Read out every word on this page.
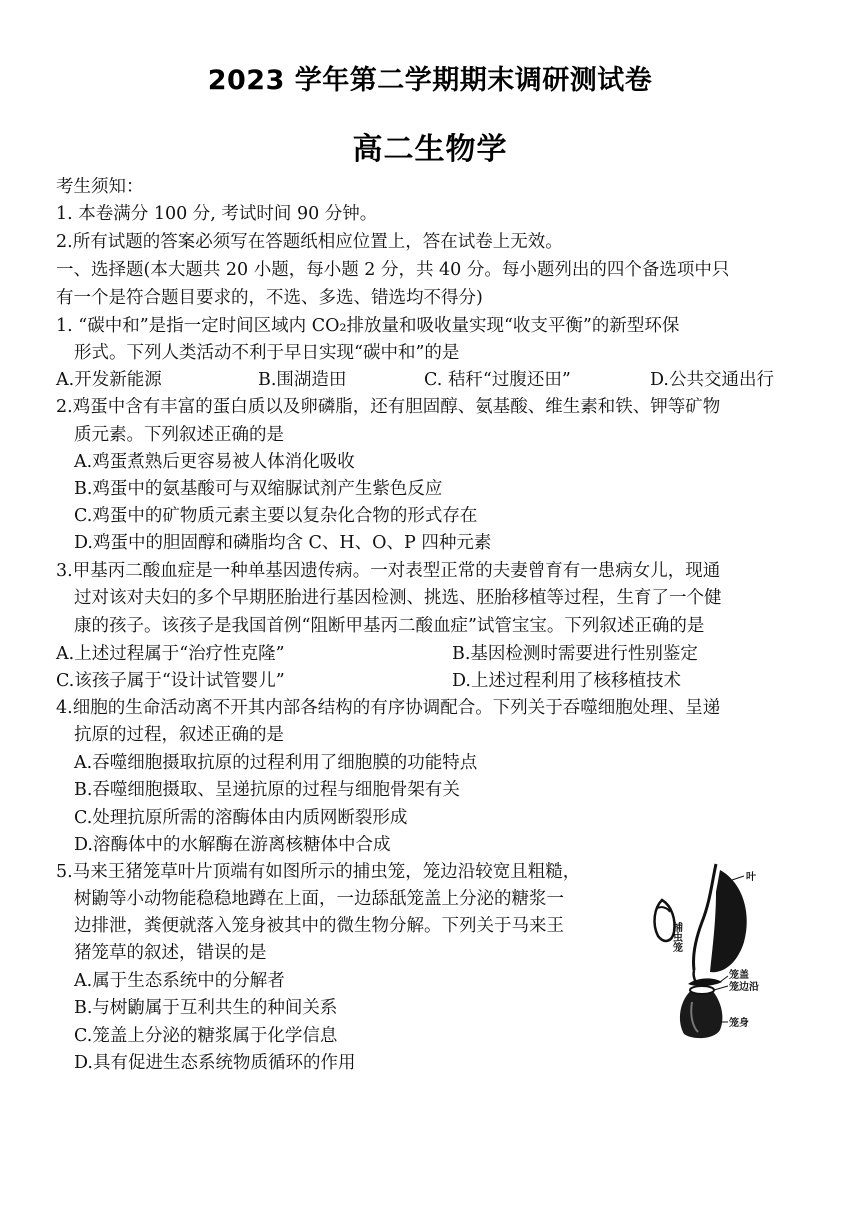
2023 学年第二学期期末调研测试卷
高二生物学
考生须知：
1. 本卷满分 100 分, 考试时间 90 分钟。
2.所有试题的答案必须写在答题纸相应位置上，答在试卷上无效。
一、选择题(本大题共 20 小题，每小题 2 分，共 40 分。每小题列出的四个备选项中只
有一个是符合题目要求的，不选、多选、错选均不得分)
1. “碳中和”是指一定时间区域内 CO₂排放量和吸收量实现“收支平衡”的新型环保
形式。下列人类活动不利于早日实现“碳中和”的是
A.开发新能源	B.围湖造田	C. 秸秆“过腹还田”	D.公共交通出行
2.鸡蛋中含有丰富的蛋白质以及卵磷脂，还有胆固醇、氨基酸、维生素和铁、钾等矿物
质元素。下列叙述正确的是
A.鸡蛋煮熟后更容易被人体消化吸收
B.鸡蛋中的氨基酸可与双缩脲试剂产生紫色反应
C.鸡蛋中的矿物质元素主要以复杂化合物的形式存在
D.鸡蛋中的胆固醇和磷脂均含 C、H、O、P 四种元素
3.甲基丙二酸血症是一种单基因遗传病。一对表型正常的夫妻曾育有一患病女儿，现通
过对该对夫妇的多个早期胚胎进行基因检测、挑选、胚胎移植等过程，生育了一个健
康的孩子。该孩子是我国首例“阻断甲基丙二酸血症”试管宝宝。下列叙述正确的是
A.上述过程属于“治疗性克隆”	B.基因检测时需要进行性别鉴定
C.该孩子属于“设计试管婴儿”	D.上述过程利用了核移植技术
4.细胞的生命活动离不开其内部各结构的有序协调配合。下列关于吞噬细胞处理、呈递
抗原的过程，叙述正确的是
A.吞噬细胞摄取抗原的过程利用了细胞膜的功能特点
B.吞噬细胞摄取、呈递抗原的过程与细胞骨架有关
C.处理抗原所需的溶酶体由内质网断裂形成
D.溶酶体中的水解酶在游离核糖体中合成
5.马来王猪笼草叶片顶端有如图所示的捕虫笼，笼边沿较宽且粗糙，
树鼩等小动物能稳稳地蹲在上面，一边舔舐笼盖上分泌的糖浆一
边排泄，粪便就落入笼身被其中的微生物分解。下列关于马来王
猪笼草的叙述，错误的是
A.属于生态系统中的分解者
B.与树鼩属于互利共生的种间关系
C.笼盖上分泌的糖浆属于化学信息
D.具有促进生态系统物质循环的作用
叶
捕虫笼
笼盖
笼边沿
笼身
